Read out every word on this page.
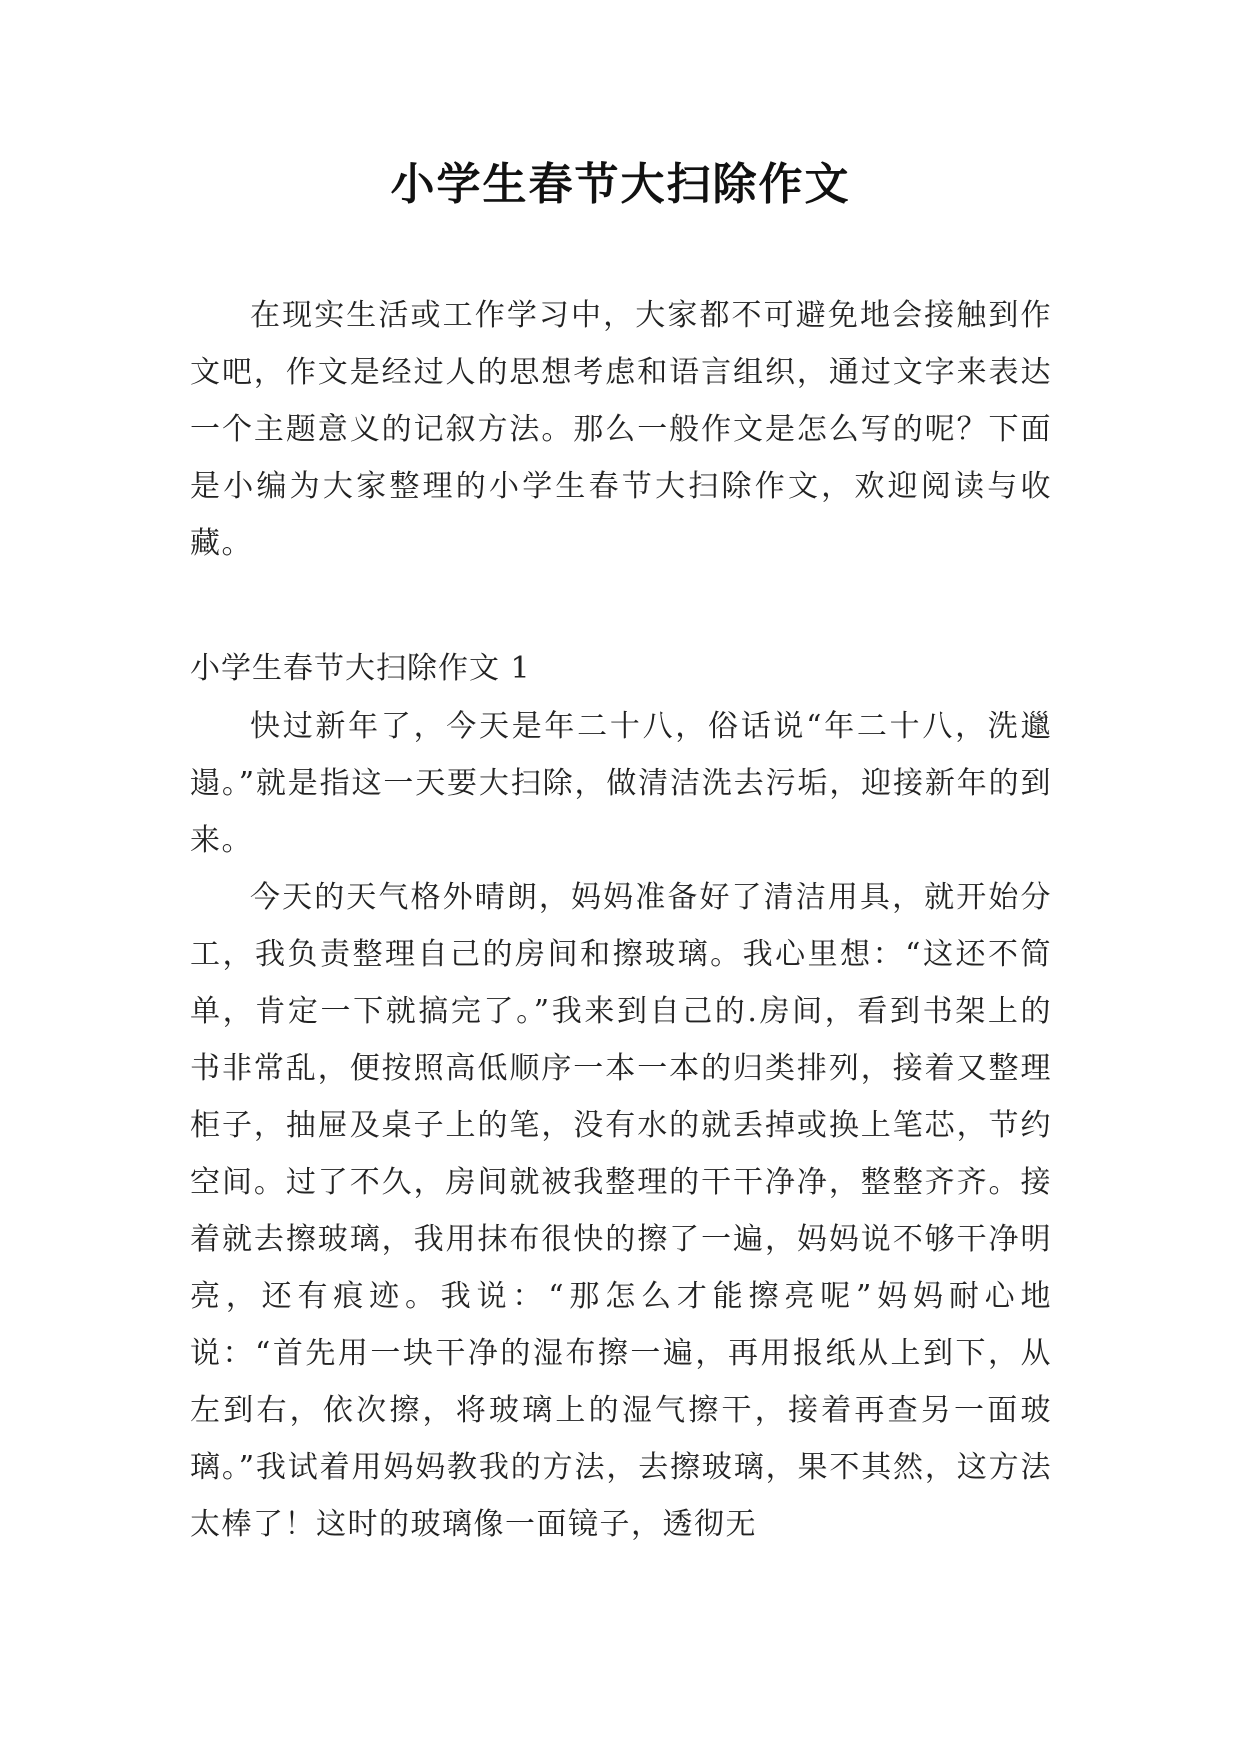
小学生春节大扫除作文

在现实生活或工作学习中，大家都不可避免地会接触到作文吧，作文是经过人的思想考虑和语言组织，通过文字来表达一个主题意义的记叙方法。那么一般作文是怎么写的呢？下面是小编为大家整理的小学生春节大扫除作文，欢迎阅读与收藏。

小学生春节大扫除作文 1

快过新年了，今天是年二十八，俗话说“年二十八，洗邋遢。”就是指这一天要大扫除，做清洁洗去污垢，迎接新年的到来。

今天的天气格外晴朗，妈妈准备好了清洁用具，就开始分工，我负责整理自己的房间和擦玻璃。我心里想：“这还不简单，肯定一下就搞完了。”我来到自己的.房间，看到书架上的书非常乱，便按照高低顺序一本一本的归类排列，接着又整理柜子，抽屉及桌子上的笔，没有水的就丢掉或换上笔芯，节约空间。过了不久，房间就被我整理的干干净净，整整齐齐。接着就去擦玻璃，我用抹布很快的擦了一遍，妈妈说不够干净明亮，还有痕迹。我说：“那怎么才能擦亮呢”妈妈耐心地说：“首先用一块干净的湿布擦一遍，再用报纸从上到下，从左到右，依次擦，将玻璃上的湿气擦干，接着再查另一面玻璃。”我试着用妈妈教我的方法，去擦玻璃，果不其然，这方法太棒了！这时的玻璃像一面镜子，透彻无
